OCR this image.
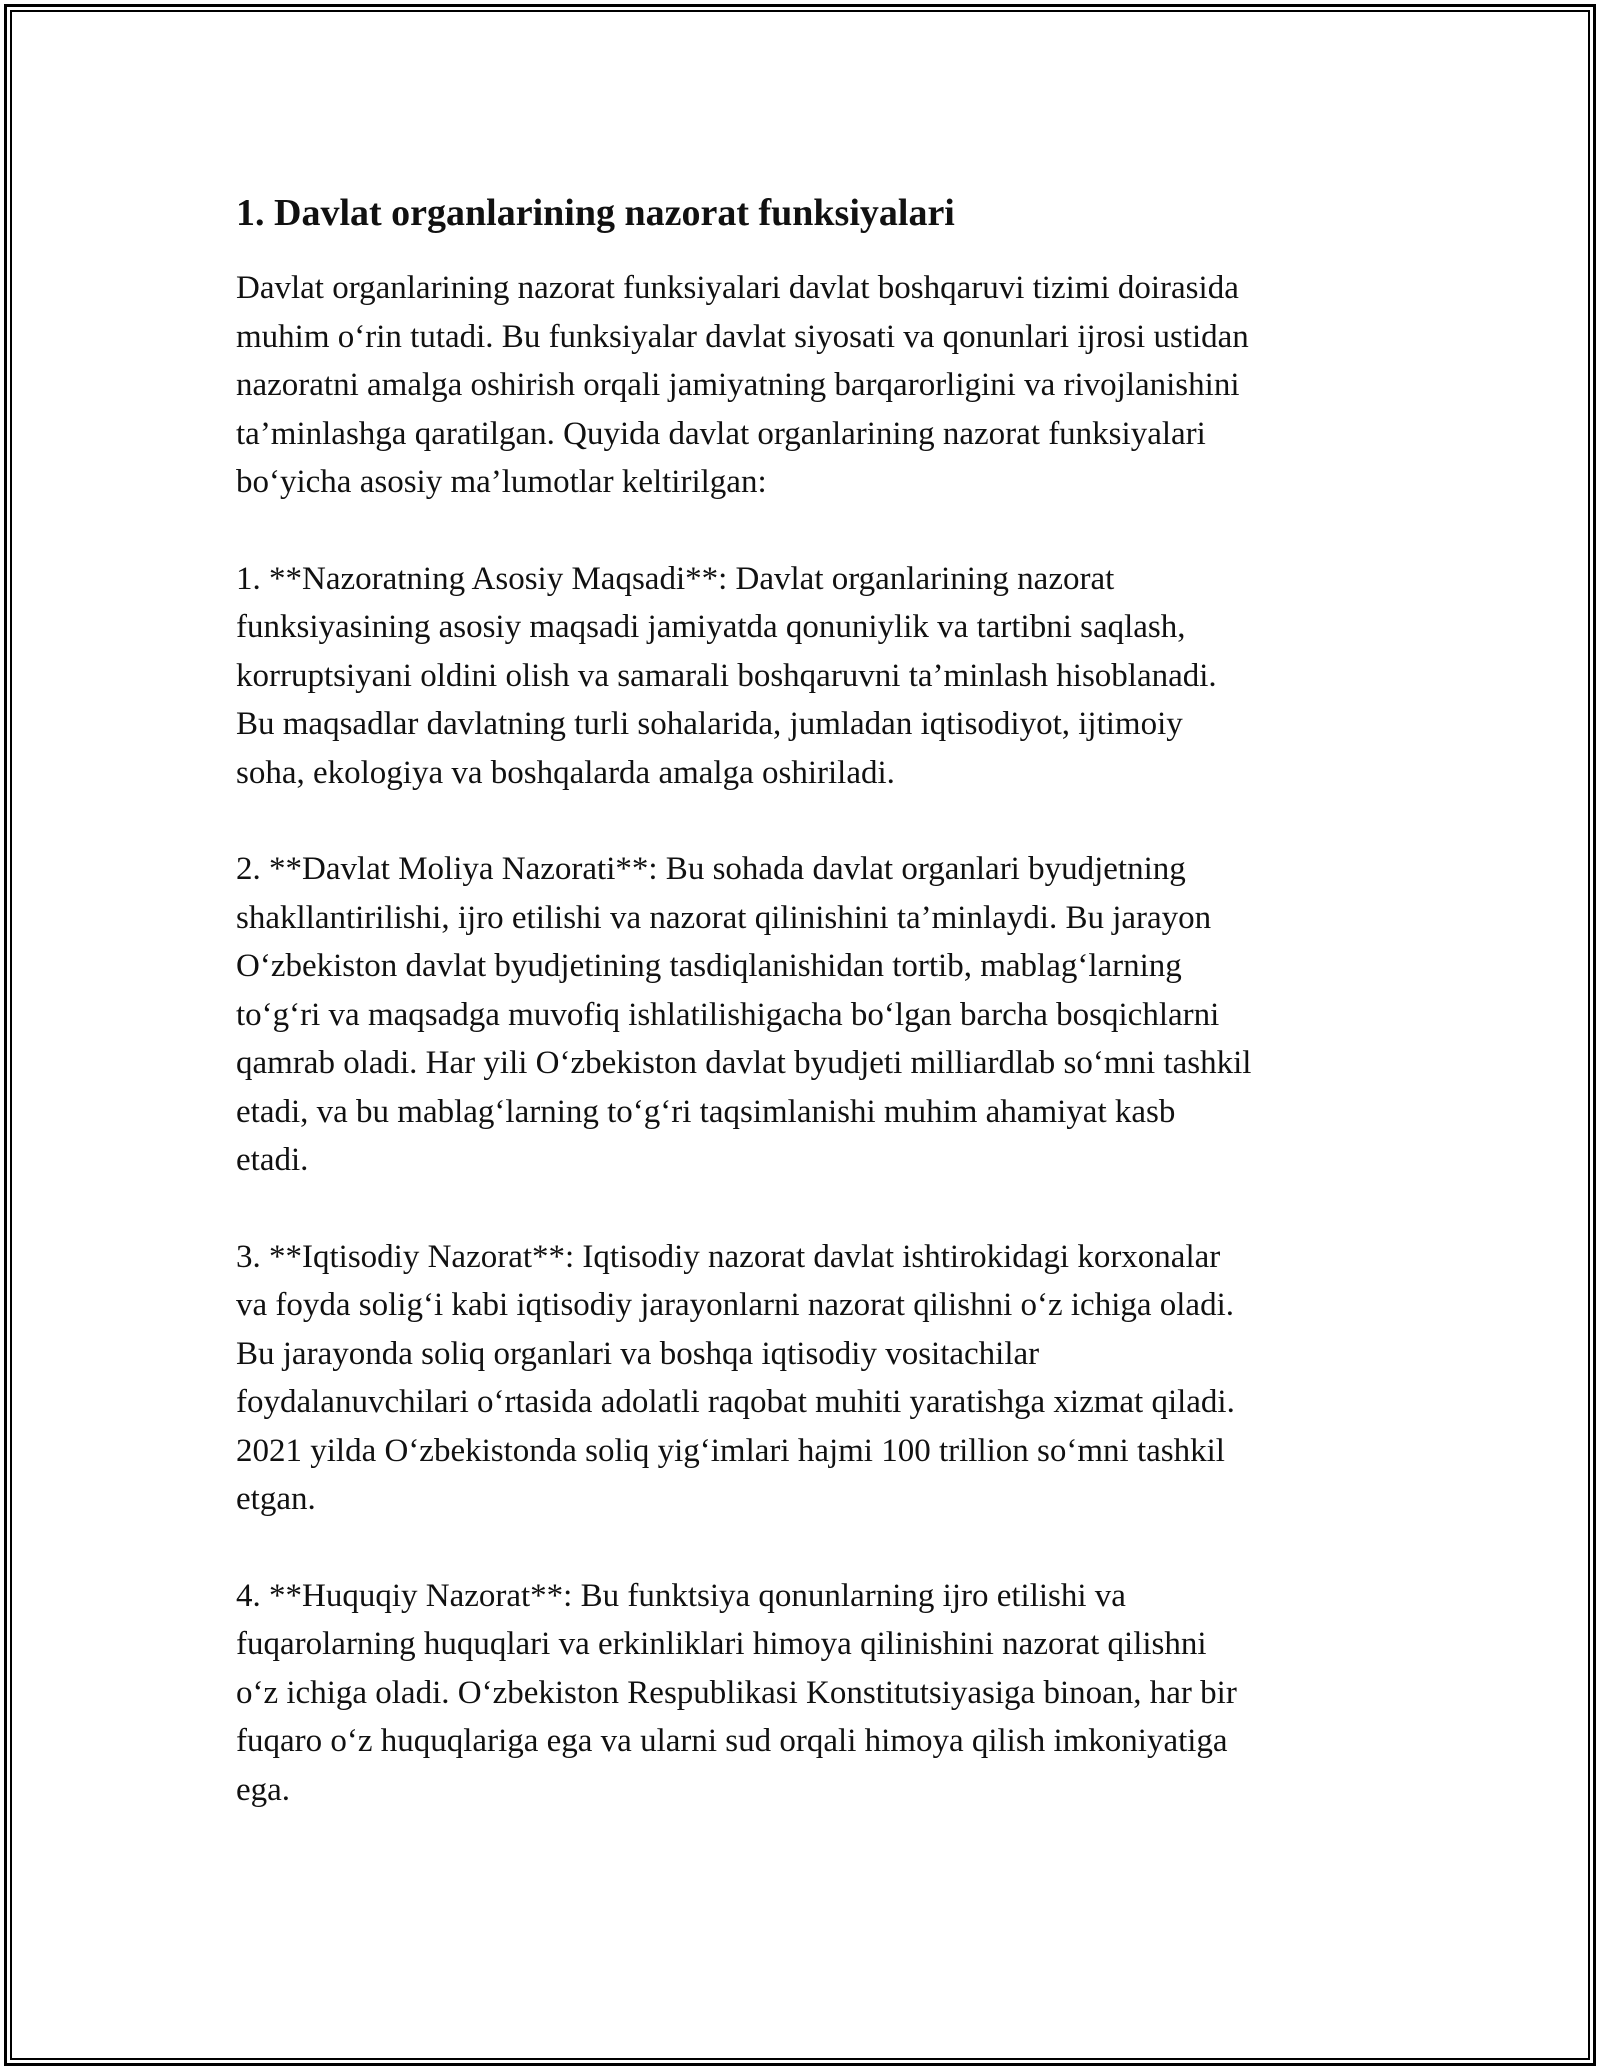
1. Davlat organlarining nazorat funksiyalari

Davlat organlarining nazorat funksiyalari davlat boshqaruvi tizimi doirasida
muhim o‘rin tutadi. Bu funksiyalar davlat siyosati va qonunlari ijrosi ustidan
nazoratni amalga oshirish orqali jamiyatning barqarorligini va rivojlanishini
ta’minlashga qaratilgan. Quyida davlat organlarining nazorat funksiyalari
bo‘yicha asosiy ma’lumotlar keltirilgan:

1. **Nazoratning Asosiy Maqsadi**: Davlat organlarining nazorat
funksiyasining asosiy maqsadi jamiyatda qonuniylik va tartibni saqlash,
korruptsiyani oldini olish va samarali boshqaruvni ta’minlash hisoblanadi.
Bu maqsadlar davlatning turli sohalarida, jumladan iqtisodiyot, ijtimoiy
soha, ekologiya va boshqalarda amalga oshiriladi.

2. **Davlat Moliya Nazorati**: Bu sohada davlat organlari byudjetning
shakllantirilishi, ijro etilishi va nazorat qilinishini ta’minlaydi. Bu jarayon
O‘zbekiston davlat byudjetining tasdiqlanishidan tortib, mablag‘larning
to‘g‘ri va maqsadga muvofiq ishlatilishigacha bo‘lgan barcha bosqichlarni
qamrab oladi. Har yili O‘zbekiston davlat byudjeti milliardlab so‘mni tashkil
etadi, va bu mablag‘larning to‘g‘ri taqsimlanishi muhim ahamiyat kasb
etadi.

3. **Iqtisodiy Nazorat**: Iqtisodiy nazorat davlat ishtirokidagi korxonalar
va foyda solig‘i kabi iqtisodiy jarayonlarni nazorat qilishni o‘z ichiga oladi.
Bu jarayonda soliq organlari va boshqa iqtisodiy vositachilar
foydalanuvchilari o‘rtasida adolatli raqobat muhiti yaratishga xizmat qiladi.
2021 yilda O‘zbekistonda soliq yig‘imlari hajmi 100 trillion so‘mni tashkil
etgan.

4. **Huquqiy Nazorat**: Bu funktsiya qonunlarning ijro etilishi va
fuqarolarning huquqlari va erkinliklari himoya qilinishini nazorat qilishni
o‘z ichiga oladi. O‘zbekiston Respublikasi Konstitutsiyasiga binoan, har bir
fuqaro o‘z huquqlariga ega va ularni sud orqali himoya qilish imkoniyatiga
ega.
